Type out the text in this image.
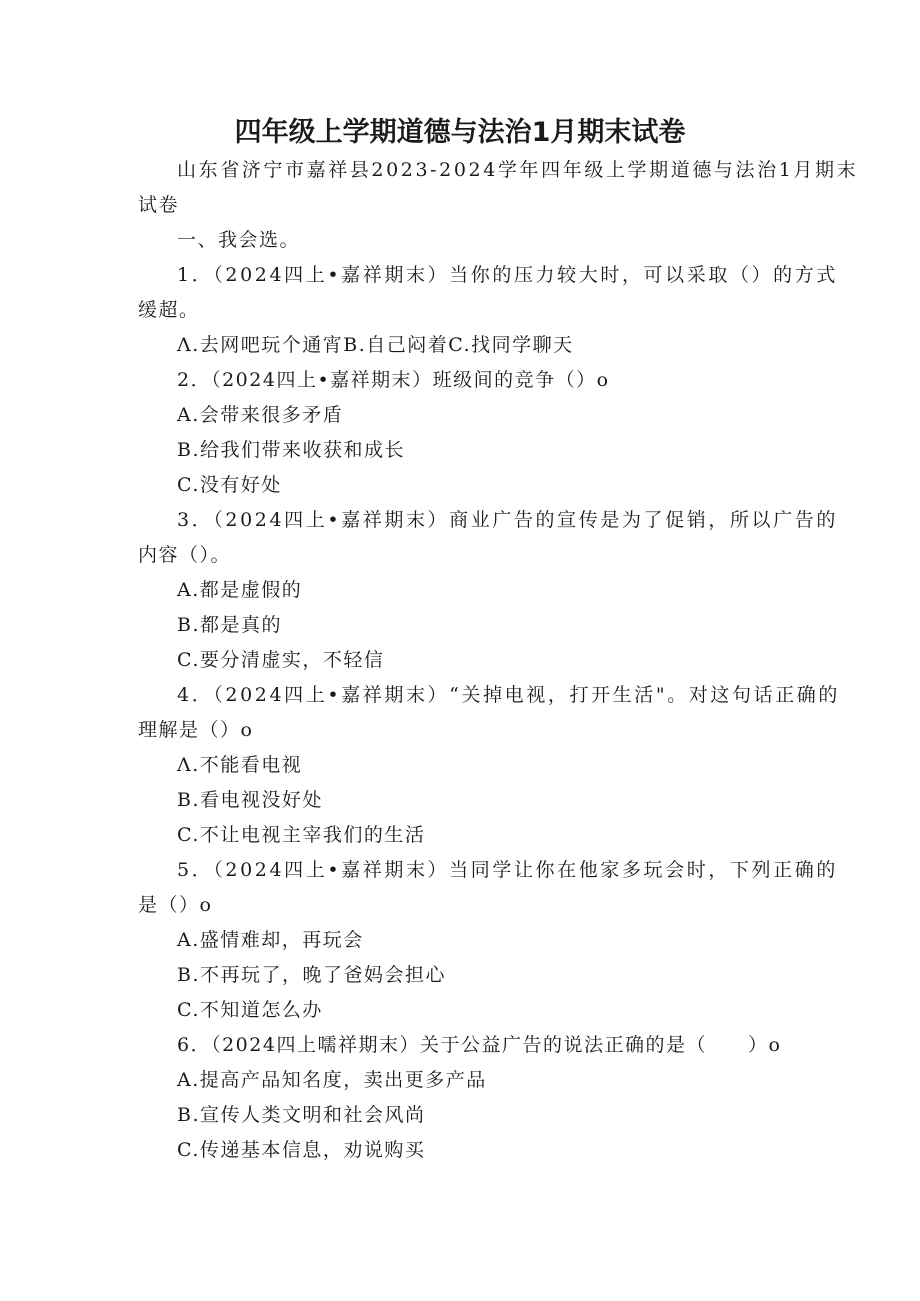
四年级上学期道德与法治1月期末试卷
山东省济宁市嘉祥县2023-2024学年四年级上学期道德与法治1月期末
试卷
一、我会选。
1．（2024四上•嘉祥期末）当你的压力较大时，可以采取（）的方式
缓超。
Λ.去网吧玩个通宵B.自己闷着C.找同学聊天
2．（2024四上•嘉祥期末）班级间的竞争（）o
A.会带来很多矛盾
B.给我们带来收获和成长
C.没有好处
3．（2024四上•嘉祥期末）商业广告的宣传是为了促销，所以广告的
内容（）。
A.都是虚假的
B.都是真的
C.要分清虚实，不轻信
4．（2024四上•嘉祥期末）“关掉电视，打开生活"。对这句话正确的
理解是（）o
Λ.不能看电视
B.看电视没好处
C.不让电视主宰我们的生活
5．（2024四上•嘉祥期末）当同学让你在他家多玩会时，下列正确的
是（）o
A.盛情难却，再玩会
B.不再玩了，晚了爸妈会担心
C.不知道怎么办
6．（2024四上嚅祥期末）关于公益广告的说法正确的是（　　）o
A.提高产品知名度，卖出更多产品
B.宣传人类文明和社会风尚
C.传递基本信息，劝说购买
